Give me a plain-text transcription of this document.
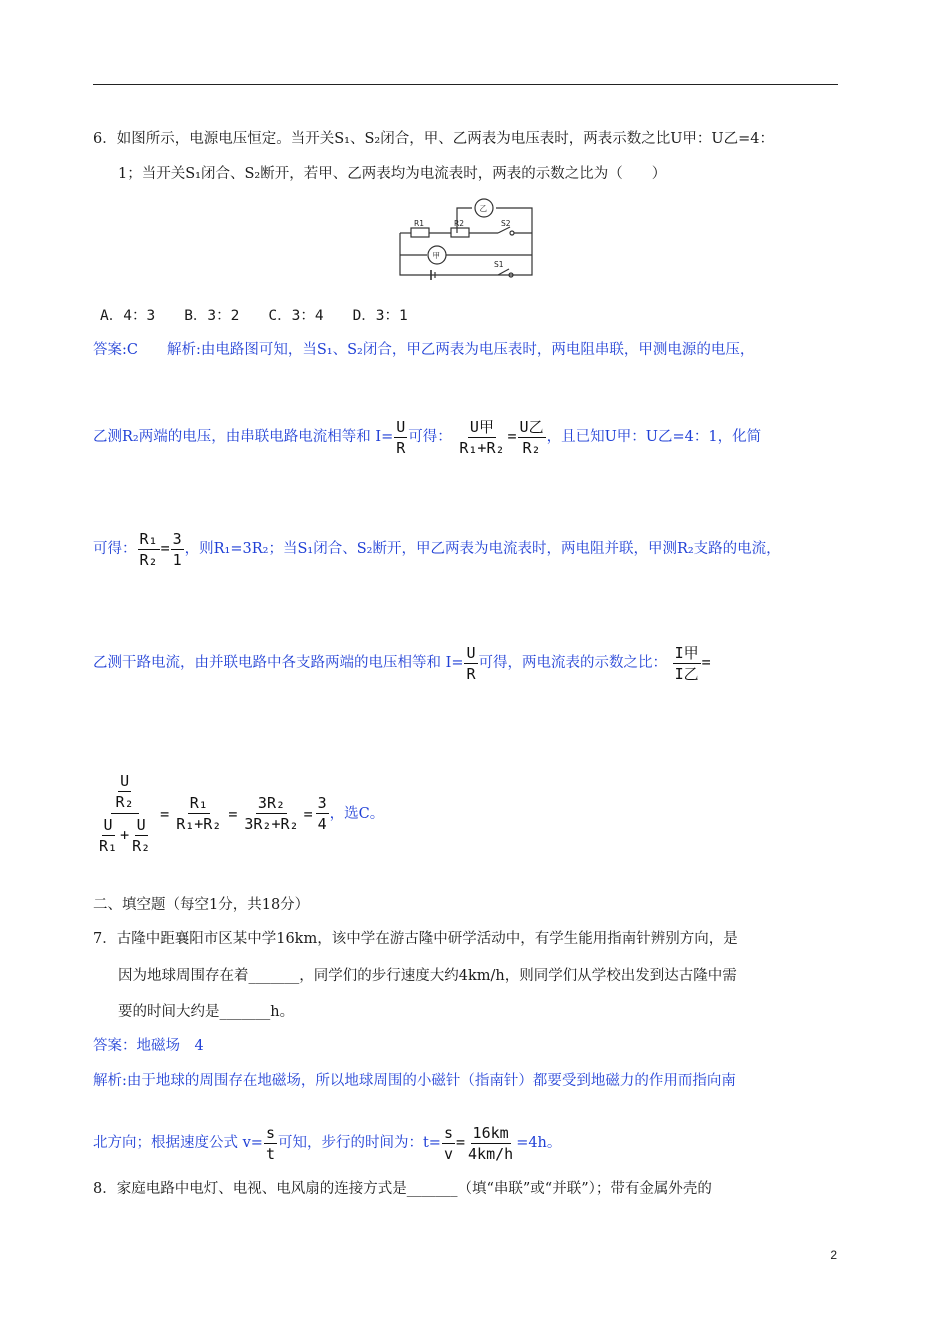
6．如图所示，电源电压恒定。当开关S₁、S₂闭合，甲、乙两表为电压表时，两表示数之比U甲：U乙=4：
1；当开关S₁闭合、S₂断开，若甲、乙两表均为电流表时，两表的示数之比为（　　）
R1	R2	S2
S1
乙
甲
A．4：3　　B．3：2　　C．3：4　　D．3：1
答案:C　　解析:由电路图可知，当S₁、S₂闭合，甲乙两表为电压表时，两电阻串联，甲测电源的电压，
乙测R₂两端的电压，由串联电路电流相等和 $I= \frac{U}{R}$ 可得： $\frac{\text{U甲}}{\text{R₁+R₂}} = \frac{\text{U乙}}{\text{R₂}}$ ，且已知U甲：U乙=4：1，化简
可得： $\frac{\text{R₁}}{\text{R₂}} = \frac{3}{1}$ ，则R₁=3R₂；当S₁闭合、S₂断开，甲乙两表为电流表时，两电阻并联，甲测R₂支路的电流，
乙测干路电流，由并联电路中各支路两端的电压相等和 $I= \frac{U}{R}$ 可得，两电流表的示数之比： $\frac{\text{I甲}}{\text{I乙}}$ =
$\frac{\frac{U}{\text{R₂}}}{\frac{U}{\text{R₁}} + \frac{U}{\text{R₂}}} = \frac{\text{R₁}}{\text{R₁+R₂}} = \frac{\text{3R₂}}{\text{3R₂+R₂}} = \frac{3}{4}$ ，选C。
二、填空题（每空1分，共18分）
7．古隆中距襄阳市区某中学16km，该中学在游古隆中研学活动中，有学生能用指南针辨别方向，是
因为地球周围存在着_______，同学们的步行速度大约4km/h，则同学们从学校出发到达古隆中需
要的时间大约是_______h。
答案：地磁场　4
解析:由于地球的周围存在地磁场，所以地球周围的小磁针（指南针）都要受到地磁力的作用而指向南
北方向；根据速度公式 $v= \frac{s}{t}$ 可知，步行的时间为：$t= \frac{s}{v} = \frac{16km}{4km/h} =4h$。
8．家庭电路中电灯、电视、电风扇的连接方式是_______（填“串联”或“并联”）；带有金属外壳的
2
